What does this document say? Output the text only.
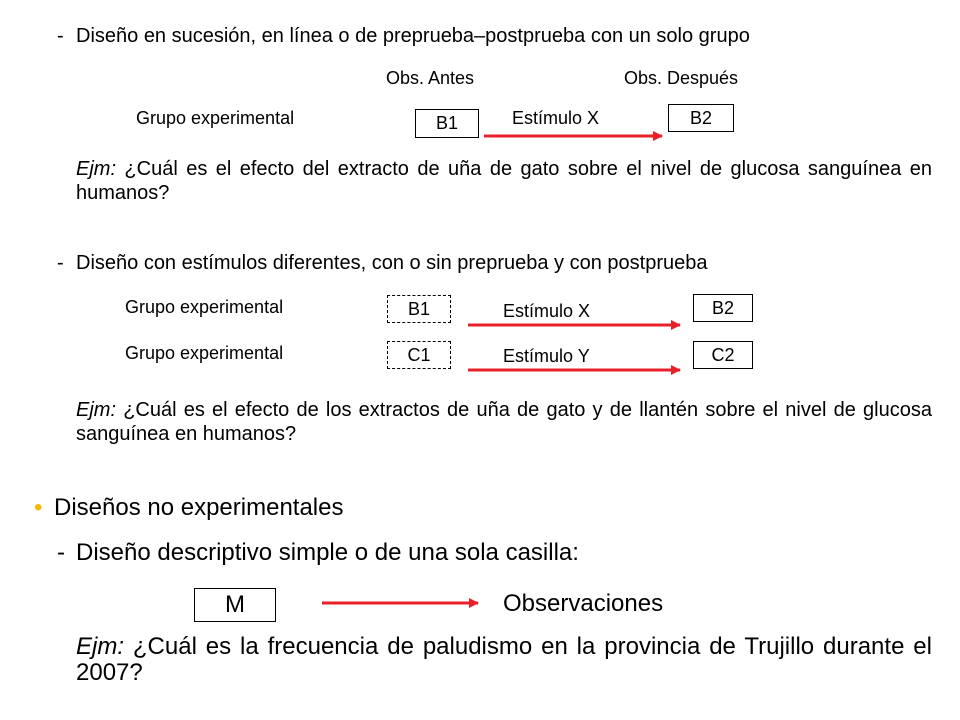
- Diseño en sucesión, en línea o de preprueba–postprueba con un solo grupo
Obs. Antes	Obs. Después
Grupo experimental	B1	Estímulo X	B2
Ejm: ¿Cuál es el efecto del extracto de uña de gato sobre el nivel de glucosa sanguínea en humanos?
- Diseño con estímulos diferentes, con o sin preprueba y con postprueba
Grupo experimental	B1	Estímulo X	B2
Grupo experimental	C1	Estímulo Y	C2
Ejm: ¿Cuál es el efecto de los extractos de uña de gato y de llantén sobre el nivel de glucosa sanguínea en humanos?
• Diseños no experimentales
- Diseño descriptivo simple o de una sola casilla:
M	Observaciones
Ejm: ¿Cuál es la frecuencia de paludismo en la provincia de Trujillo durante el 2007?
